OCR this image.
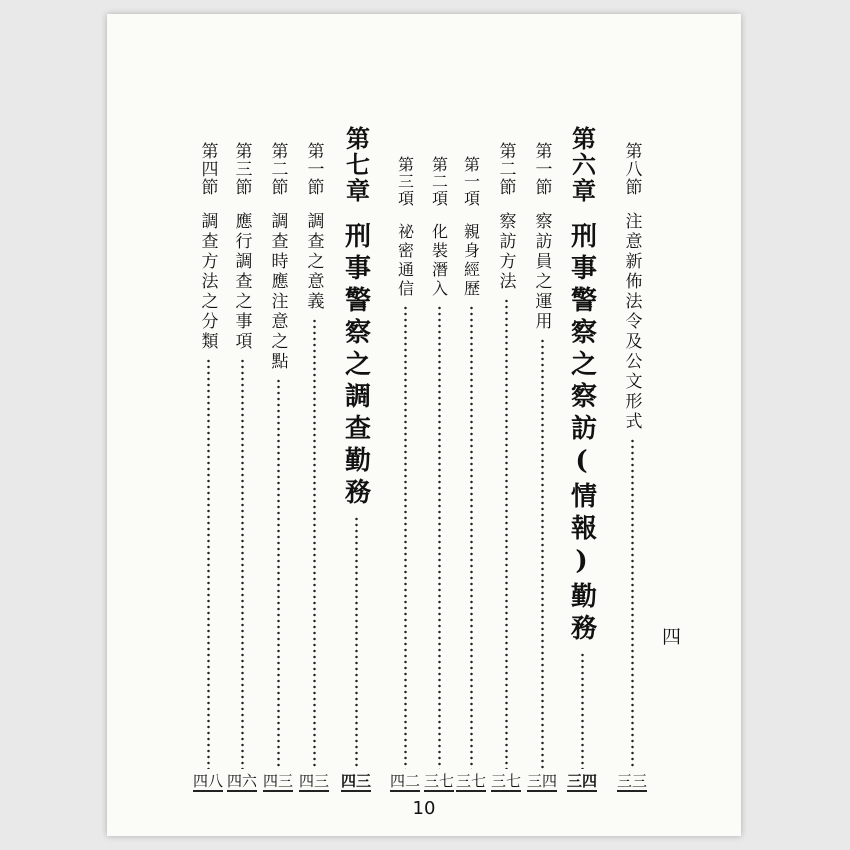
第八節
注意新佈法令及公文形式
三三
第六章
刑事警察之察訪(情報)勤務
三四
第一節
察訪員之運用
三四
第二節
察訪方法
三七
第一項
親身經歷
三七
第二項
化裝潛入
三七
第三項
祕密通信
四二
第七章
刑事警察之調查勤務
四三
第一節
調查之意義
四三
第二節
調查時應注意之點
四三
第三節
應行調查之事項
四六
第四節
調查方法之分類
四八
四
10
